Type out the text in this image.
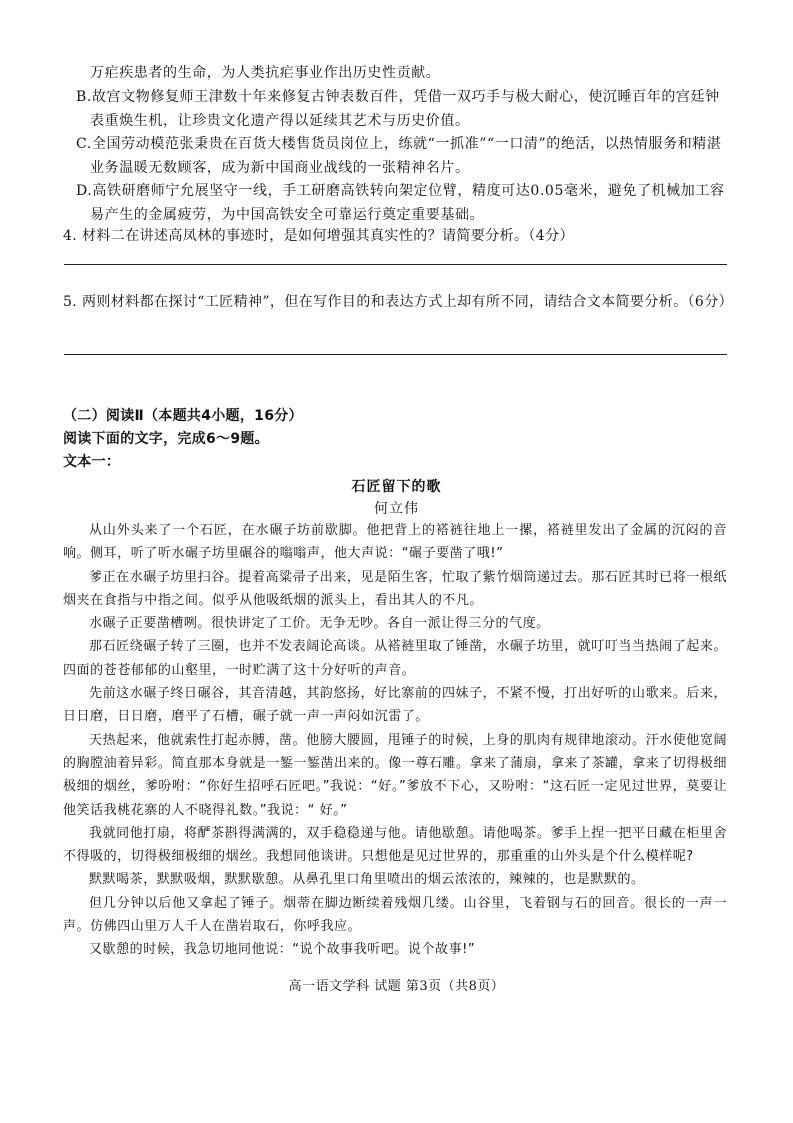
万疟疾患者的生命，为人类抗疟事业作出历史性贡献。
B.故宫文物修复师王津数十年来修复古钟表数百件，凭借一双巧手与极大耐心，使沉睡百年的宫廷钟表重焕生机，让珍贵文化遗产得以延续其艺术与历史价值。
C.全国劳动模范张秉贵在百货大楼售货员岗位上，练就“一抓准”“一口清”的绝活，以热情服务和精湛业务温暖无数顾客，成为新中国商业战线的一张精神名片。
D.高铁研磨师宁允展坚守一线，手工研磨高铁转向架定位臂，精度可达0.05毫米，避免了机械加工容易产生的金属疲劳，为中国高铁安全可靠运行奠定重要基础。
4. 材料二在讲述高凤林的事迹时，是如何增强其真实性的？请简要分析。（4分）
5. 两则材料都在探讨“工匠精神”，但在写作目的和表达方式上却有所不同，请结合文本简要分析。（6分）
（二）阅读Ⅱ（本题共4小题，16分）
阅读下面的文字，完成6～9题。
文本一：
石匠留下的歌
何立伟

从山外头来了一个石匠，在水碾子坊前歇脚。他把背上的褡裢往地上一摞，褡裢里发出了金属的沉闷的音响。侧耳，听了听水碾子坊里碾谷的嗡嗡声，他大声说：“碾子要凿了哦!”

爹正在水碾子坊里扫谷。提着高粱帚子出来，见是陌生客，忙取了紫竹烟筒递过去。那石匠其时已将一根纸烟夹在食指与中指之间。似乎从他吸纸烟的派头上，看出其人的不凡。

水碾子正要凿槽咧。很快讲定了工价。无争无吵。各自一派让得三分的气度。

那石匠绕碾子转了三圈，也并不发表阔论高谈。从褡裢里取了锤凿，水碾子坊里，就叮叮当当热闹了起来。四面的苍苍郁郁的山壑里，一时贮满了这十分好听的声音。

先前这水碾子终日碾谷，其音清越，其韵悠扬，好比寨前的四妹子，不紧不慢，打出好听的山歌来。后来，日日磨，日日磨，磨平了石槽，碾子就一声一声闷如沉雷了。

天热起来，他就索性打起赤膊，凿。他膀大腰圆，甩锤子的时候，上身的肌肉有规律地滚动。汗水使他宽阔的胸膛油着异彩。简直那本身就是一錾一錾凿出来的。像一尊石雕。拿来了蒲扇，拿来了茶罐，拿来了切得极细极细的烟丝，爹吩咐：“你好生招呼石匠吧。”我说：“好。”爹放不下心，又吩咐：“这石匠一定见过世界，莫要让他笑话我桃花寨的人不晓得礼数。”我说：“ 好。”

我就同他打扇，将酽茶斟得满满的，双手稳稳递与他。请他歇憩。请他喝茶。爹手上捏一把平日藏在柜里舍不得吸的，切得极细极细的烟丝。我想同他谈讲。只想他是见过世界的，那重重的山外头是个什么模样呢?

默默喝茶，默默吸烟，默默歇憩。从鼻孔里口角里喷出的烟云浓浓的，辣辣的，也是默默的。

但几分钟以后他又拿起了锤子。烟蒂在脚边断续着残烟几缕。山谷里，飞着钢与石的回音。很长的一声一声。仿佛四山里万人千人在凿岩取石，你呼我应。

又歇憩的时候，我急切地同他说：“说个故事我听吧。说个故事!”

高一语文学科 试题 第3页（共8页）
